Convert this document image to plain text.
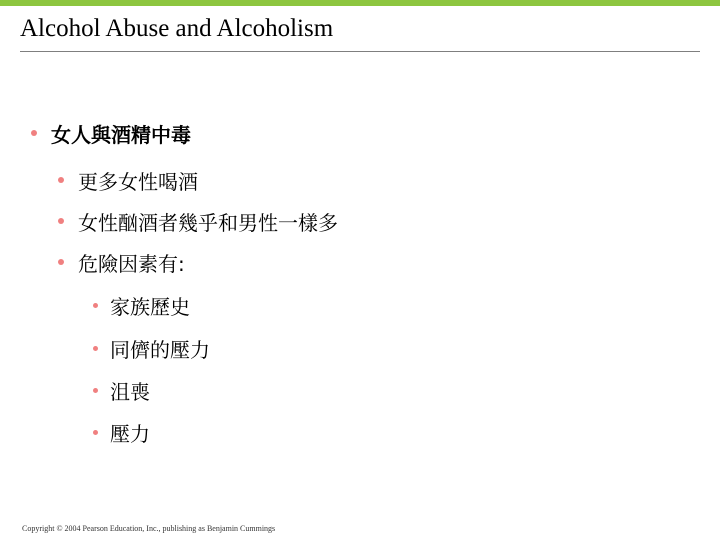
Alcohol Abuse and Alcoholism
女人與酒精中毒
更多女性喝酒
女性酗酒者幾乎和男性一樣多
危險因素有:
家族歷史
同儕的壓力
沮喪
壓力
Copyright © 2004 Pearson Education, Inc., publishing as Benjamin Cummings
